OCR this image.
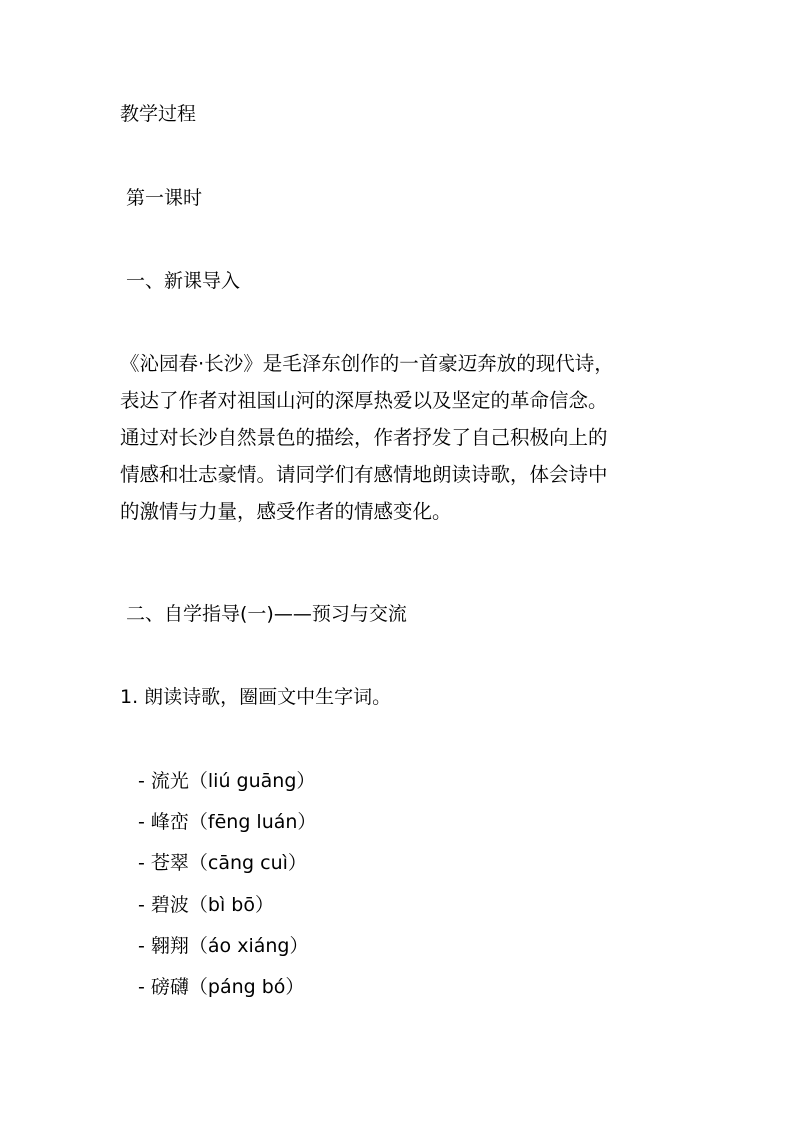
教学过程
第一课时
一、新课导入
《沁园春·长沙》是毛泽东创作的一首豪迈奔放的现代诗，
表达了作者对祖国山河的深厚热爱以及坚定的革命信念。
通过对长沙自然景色的描绘，作者抒发了自己积极向上的
情感和壮志豪情。请同学们有感情地朗读诗歌，体会诗中
的激情与力量，感受作者的情感变化。
二、自学指导(一)——预习与交流
1. 朗读诗歌，圈画文中生字词。
- 流光（liú guāng）
- 峰峦（fēng luán）
- 苍翠（cāng cuì）
- 碧波（bì bō）
- 翱翔（áo xiáng）
- 磅礴（páng bó）
